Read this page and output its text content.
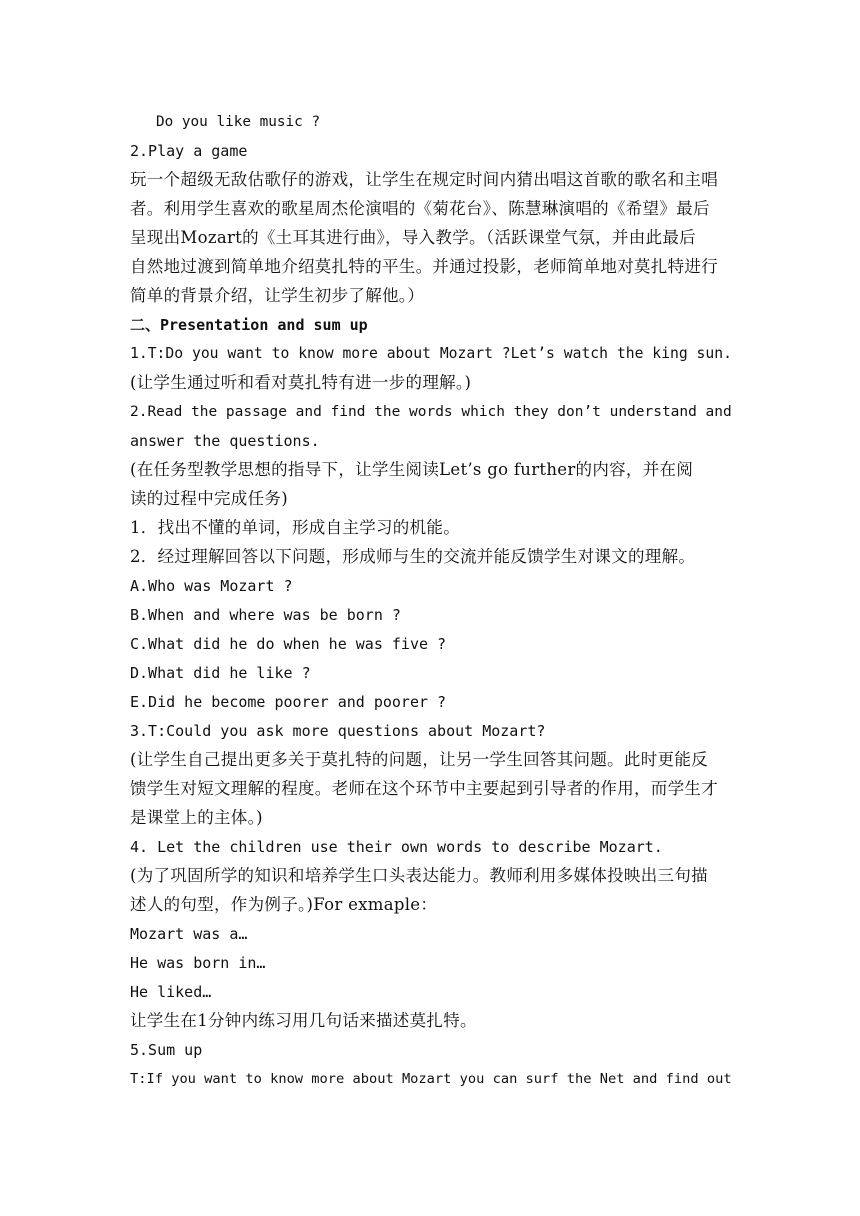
Do you like music ?
2.Play a game
玩一个超级无敌估歌仔的游戏，让学生在规定时间内猜出唱这首歌的歌名和主唱
者。利用学生喜欢的歌星周杰伦演唱的《菊花台》、陈慧琳演唱的《希望》最后
呈现出Mozart的《土耳其进行曲》，导入教学。（活跃课堂气氛，并由此最后
自然地过渡到简单地介绍莫扎特的平生。并通过投影，老师简单地对莫扎特进行
简单的背景介绍，让学生初步了解他。）
二、Presentation and sum up
1.T:Do you want to know more about Mozart ?Let’s watch the king sun.
(让学生通过听和看对莫扎特有进一步的理解。)
2.Read the passage and find the words which they don’t understand and
answer the questions.
(在任务型教学思想的指导下，让学生阅读Let’s go further的内容，并在阅
读的过程中完成任务)
1．找出不懂的单词，形成自主学习的机能。
2．经过理解回答以下问题，形成师与生的交流并能反馈学生对课文的理解。
A.Who was Mozart ?
B.When and where was be born ?
C.What did he do when he was five ?
D.What did he like ?
E.Did he become poorer and poorer ?
3.T:Could you ask more questions about Mozart?
(让学生自己提出更多关于莫扎特的问题，让另一学生回答其问题。此时更能反
馈学生对短文理解的程度。老师在这个环节中主要起到引导者的作用，而学生才
是课堂上的主体。)
4. Let the children use their own words to describe Mozart.
(为了巩固所学的知识和培养学生口头表达能力。教师利用多媒体投映出三句描
述人的句型，作为例子。)For exmaple：
Mozart was a…
He was born in…
He liked…
让学生在1分钟内练习用几句话来描述莫扎特。
5.Sum up
T:If you want to know more about Mozart you can surf the Net and find out
